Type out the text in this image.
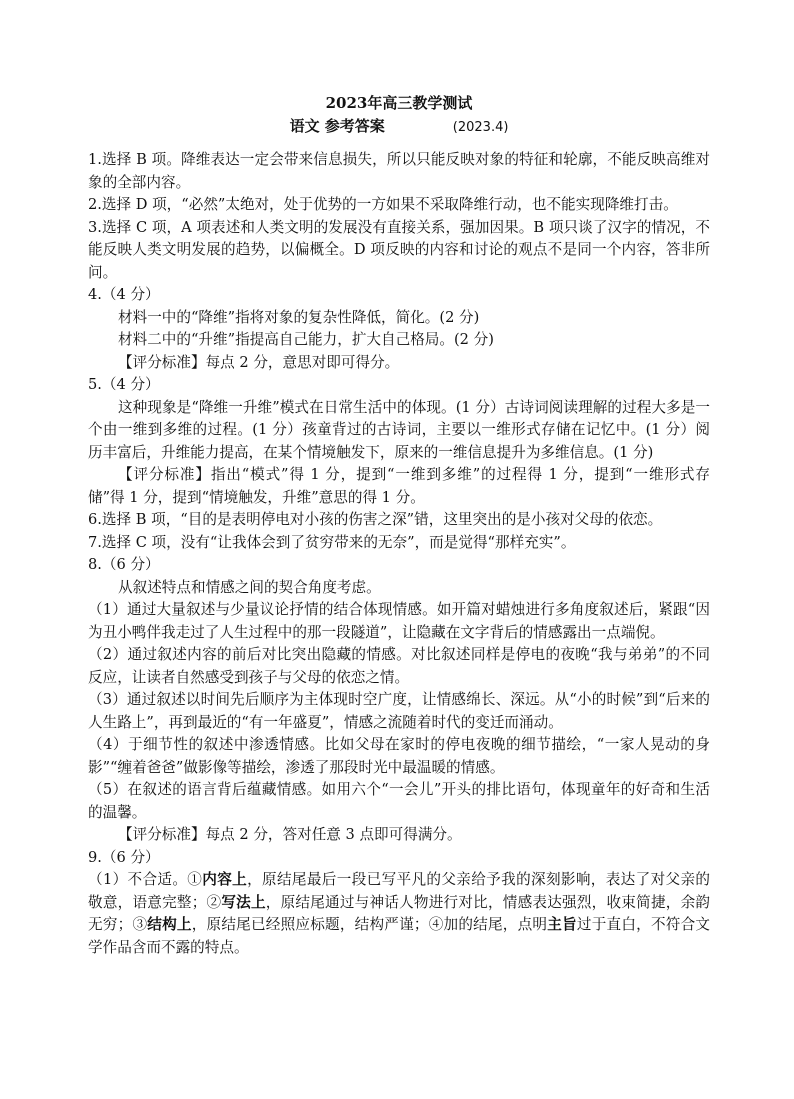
2023年高三教学测试
语文 参考答案	(2023.4)

1.选择 B 项。降维表达一定会带来信息损失，所以只能反映对象的特征和轮廓，不能反映高维对象的全部内容。

2.选择 D 项，“必然”太绝对，处于优势的一方如果不采取降维行动，也不能实现降维打击。

3.选择 C 项，A 项表述和人类文明的发展没有直接关系，强加因果。B 项只谈了汉字的情况，不能反映人类文明发展的趋势，以偏概全。D 项反映的内容和讨论的观点不是同一个内容，答非所问。

4.（4 分）

材料一中的“降维”指将对象的复杂性降低，简化。(2 分)

材料二中的“升维”指提高自己能力，扩大自己格局。(2 分)

【评分标准】每点 2 分，意思对即可得分。

5.（4 分）

这种现象是“降维一升维”模式在日常生活中的体现。(1 分）古诗词阅读理解的过程大多是一个由一维到多维的过程。(1 分）孩童背过的古诗词，主要以一维形式存储在记忆中。(1 分）阅历丰富后，升维能力提高，在某个情境触发下，原来的一维信息提升为多维信息。(1 分)

【评分标准】指出“模式”得 1 分，提到“一维到多维”的过程得 1 分，提到“一维形式存储”得 1 分，提到“情境触发，升维”意思的得 1 分。

6.选择 B 项，“目的是表明停电对小孩的伤害之深”错，这里突出的是小孩对父母的依恋。

7.选择 C 项，没有“让我体会到了贫穷带来的无奈”，而是觉得“那样充实”。

8.（6 分）

从叙述特点和情感之间的契合角度考虑。

（1）通过大量叙述与少量议论抒情的结合体现情感。如开篇对蜡烛进行多角度叙述后，紧跟“因为丑小鸭伴我走过了人生过程中的那一段隧道”，让隐藏在文字背后的情感露出一点端倪。

（2）通过叙述内容的前后对比突出隐藏的情感。对比叙述同样是停电的夜晚“我与弟弟”的不同反应，让读者自然感受到孩子与父母的依恋之情。

（3）通过叙述以时间先后顺序为主体现时空广度，让情感绵长、深远。从“小的时候”到“后来的人生路上”，再到最近的“有一年盛夏”，情感之流随着时代的变迁而涌动。

（4）于细节性的叙述中渗透情感。比如父母在家时的停电夜晚的细节描绘，“一家人晃动的身影”“缠着爸爸”做影像等描绘，渗透了那段时光中最温暖的情感。

（5）在叙述的语言背后蕴藏情感。如用六个“一会儿”开头的排比语句，体现童年的好奇和生活的温馨。

【评分标准】每点 2 分，答对任意 3 点即可得满分。

9.（6 分）

（1）不合适。①内容上，原结尾最后一段已写平凡的父亲给予我的深刻影响，表达了对父亲的敬意，语意完整；②写法上，原结尾通过与神话人物进行对比，情感表达强烈，收束简捷，余韵无穷；③结构上，原结尾已经照应标题，结构严谨；④加的结尾，点明主旨过于直白，不符合文学作品含而不露的特点。
